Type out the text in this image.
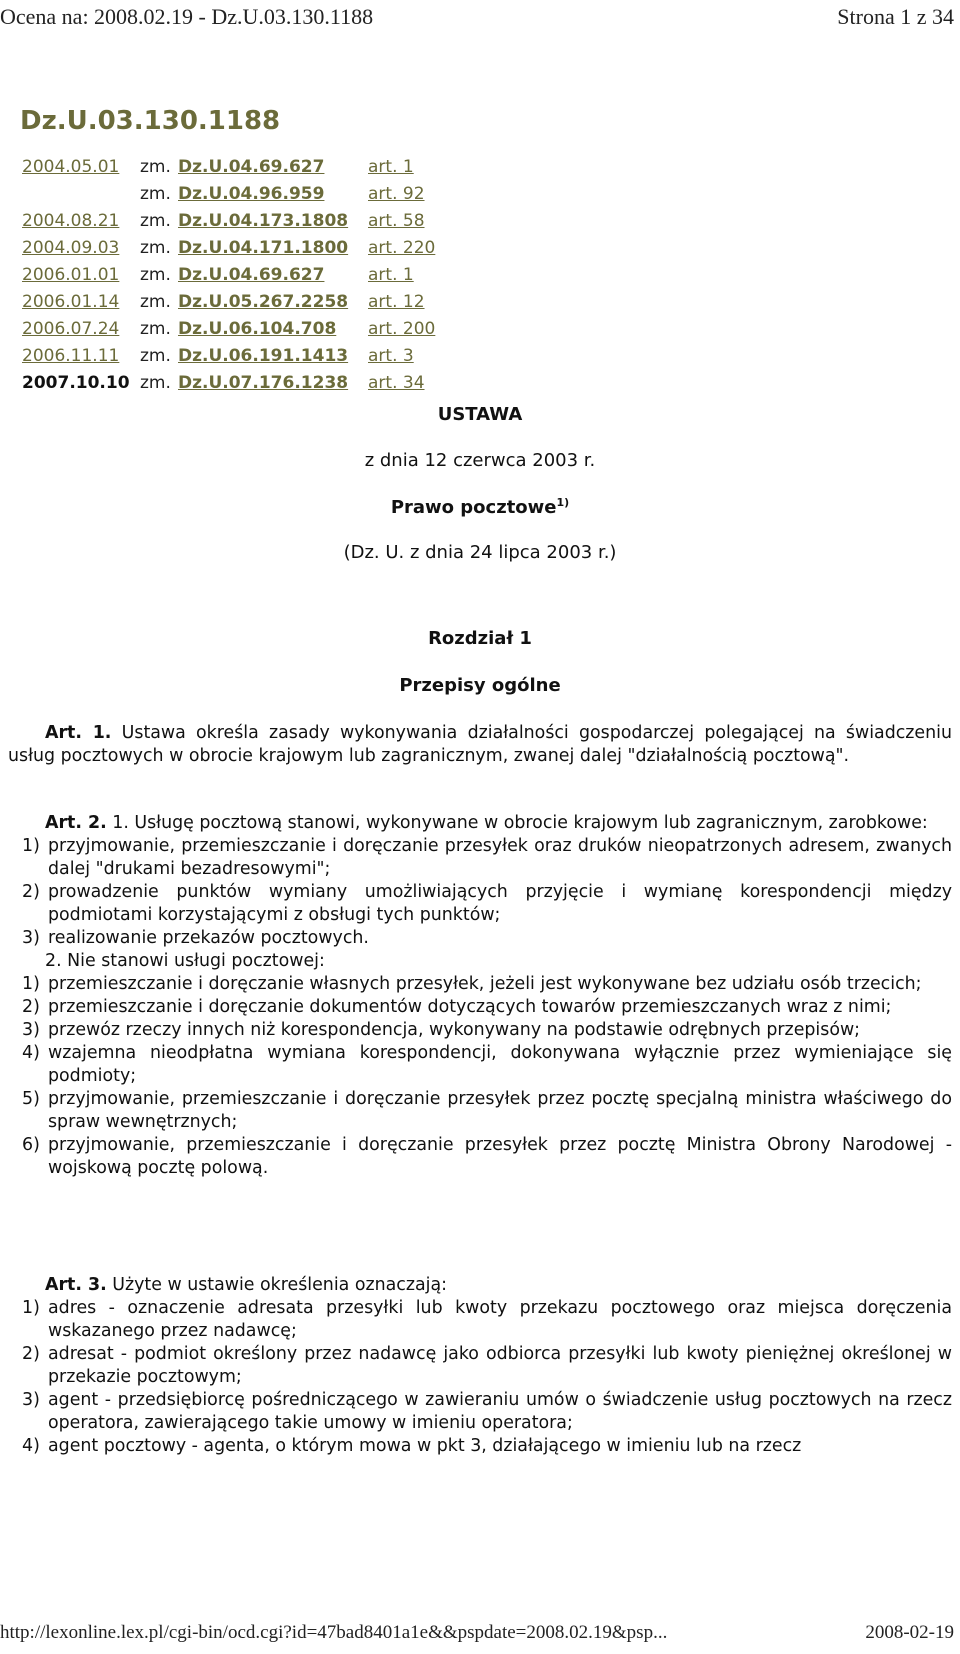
Ocena na: 2008.02.19 - Dz.U.03.130.1188	Strona 1 z 34
Dz.U.03.130.1188
2004.05.01	zm.	Dz.U.04.69.627	art. 1
	zm.	Dz.U.04.96.959	art. 92
2004.08.21	zm.	Dz.U.04.173.1808	art. 58
2004.09.03	zm.	Dz.U.04.171.1800	art. 220
2006.01.01	zm.	Dz.U.04.69.627	art. 1
2006.01.14	zm.	Dz.U.05.267.2258	art. 12
2006.07.24	zm.	Dz.U.06.104.708	art. 200
2006.11.11	zm.	Dz.U.06.191.1413	art. 3
2007.10.10	zm.	Dz.U.07.176.1238	art. 34
USTAWA
z dnia 12 czerwca 2003 r.
Prawo pocztowe$^{1)}$
(Dz. U. z dnia 24 lipca 2003 r.)
Rozdział 1
Przepisy ogólne

Art. 1. Ustawa określa zasady wykonywania działalności gospodarczej polegającej na świadczeniu usług pocztowych w obrocie krajowym lub zagranicznym, zwanej dalej "działalnością pocztową".

Art. 2. 1. Usługę pocztową stanowi, wykonywane w obrocie krajowym lub zagranicznym, zarobkowe:

1) przyjmowanie, przemieszczanie i doręczanie przesyłek oraz druków nieopatrzonych adresem, zwanych dalej "drukami bezadresowymi";
2) prowadzenie punktów wymiany umożliwiających przyjęcie i wymianę korespondencji między podmiotami korzystającymi z obsługi tych punktów;
3) realizowanie przekazów pocztowych.

2. Nie stanowi usługi pocztowej:

1) przemieszczanie i doręczanie własnych przesyłek, jeżeli jest wykonywane bez udziału osób trzecich;
2) przemieszczanie i doręczanie dokumentów dotyczących towarów przemieszczanych wraz z nimi;
3) przewóz rzeczy innych niż korespondencja, wykonywany na podstawie odrębnych przepisów;
4) wzajemna nieodpłatna wymiana korespondencji, dokonywana wyłącznie przez wymieniające się podmioty;
5) przyjmowanie, przemieszczanie i doręczanie przesyłek przez pocztę specjalną ministra właściwego do spraw wewnętrznych;
6) przyjmowanie, przemieszczanie i doręczanie przesyłek przez pocztę Ministra Obrony Narodowej - wojskową pocztę polową.

Art. 3. Użyte w ustawie określenia oznaczają:

1) adres - oznaczenie adresata przesyłki lub kwoty przekazu pocztowego oraz miejsca doręczenia wskazanego przez nadawcę;
2) adresat - podmiot określony przez nadawcę jako odbiorca przesyłki lub kwoty pieniężnej określonej w przekazie pocztowym;
3) agent - przedsiębiorcę pośredniczącego w zawieraniu umów o świadczenie usług pocztowych na rzecz operatora, zawierającego takie umowy w imieniu operatora;
4) agent pocztowy - agenta, o którym mowa w pkt 3, działającego w imieniu lub na rzecz
http://lexonline.lex.pl/cgi-bin/ocd.cgi?id=47bad8401a1e&&pspdate=2008.02.19&psp...	2008-02-19
